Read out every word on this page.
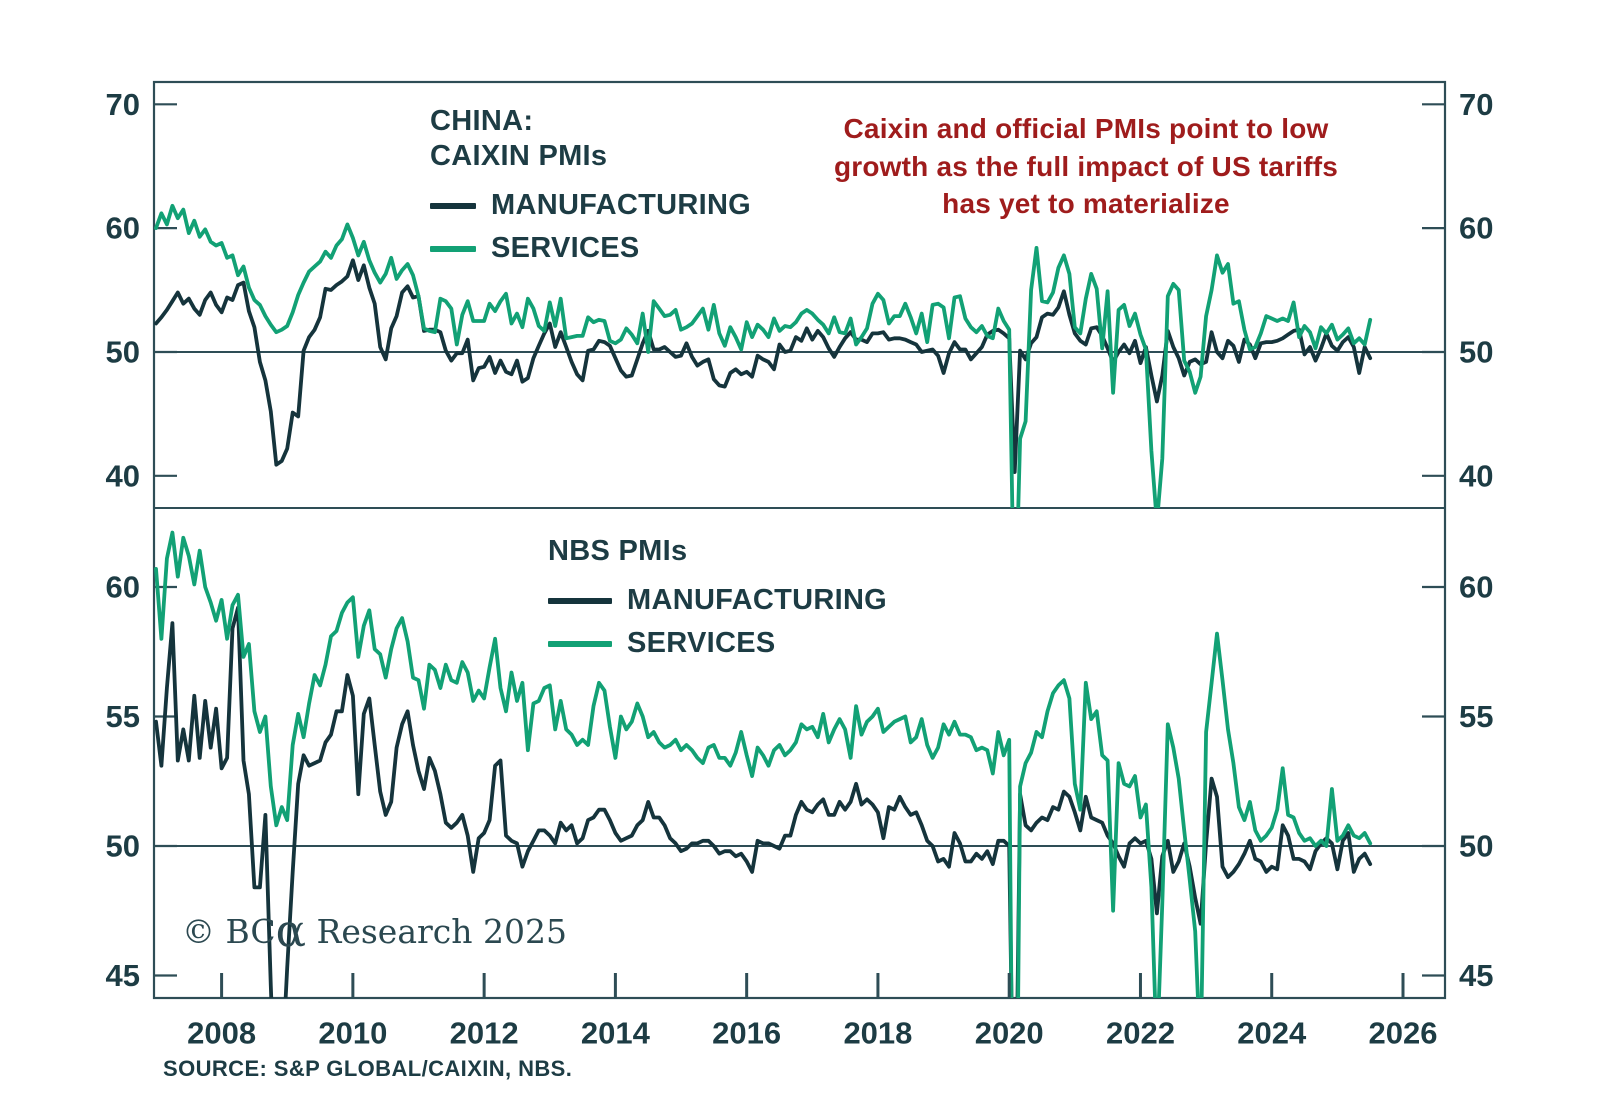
70	70
60	60
50	50
40	40
60	60
55	55
50	50
45	45
2008 2010 2012 2014 2016 2018 2020 2022 2024 2026
CHINA:
CAIXIN PMIs
MANUFACTURING
SERVICES
Caixin and official PMIs point to low
growth as the full impact of US tariffs
has yet to materialize
NBS PMIs
MANUFACTURING
SERVICES
© BCα Research 2025
SOURCE: S&P GLOBAL/CAIXIN, NBS.
